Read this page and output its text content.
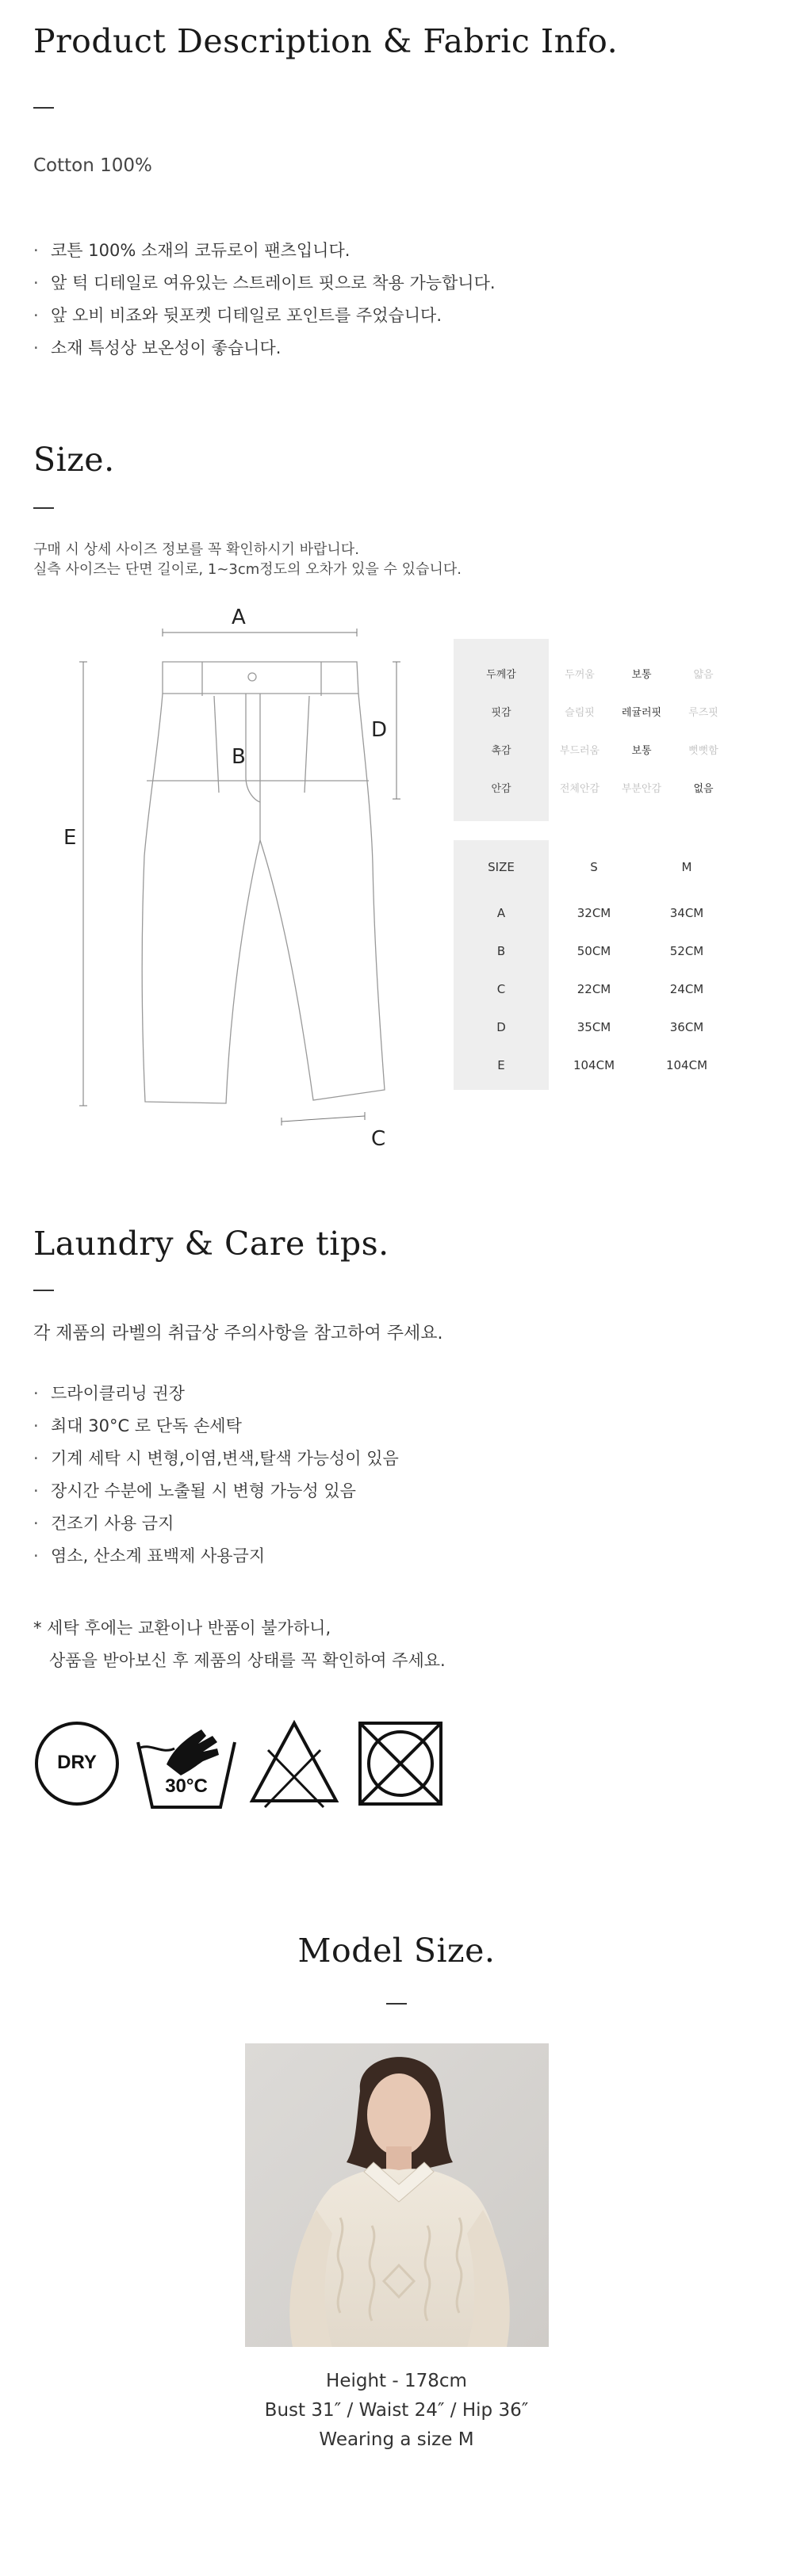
Product Description & Fabric Info.
Cotton 100%
· 코튼 100% 소재의 코듀로이 팬츠입니다.
· 앞 턱 디테일로 여유있는 스트레이트 핏으로 착용 가능합니다.
· 앞 오비 비죠와 뒷포켓 디테일로 포인트를 주었습니다.
· 소재 특성상 보온성이 좋습니다.
Size.
구매 시 상세 사이즈 정보를 꼭 확인하시기 바랍니다.
실측 사이즈는 단면 길이로, 1~3cm정도의 오차가 있을 수 있습니다.
A
B
C
D
E
두께감	두꺼움	보통	얇음
핏감	슬림핏	레귤러핏	루즈핏
촉감	부드러움	보통	뻣뻣함
안감	전체안감	부분안감	없음
SIZE	S	M
A	32CM	34CM
B	50CM	52CM
C	22CM	24CM
D	35CM	36CM
E	104CM	104CM
Laundry & Care tips.
각 제품의 라벨의 취급상 주의사항을 참고하여 주세요.
· 드라이클리닝 권장
· 최대 30°C 로 단독 손세탁
· 기계 세탁 시 변형,이염,변색,탈색 가능성이 있음
· 장시간 수분에 노출될 시 변형 가능성 있음
· 건조기 사용 금지
· 염소, 산소계 표백제 사용금지
* 세탁 후에는 교환이나 반품이 불가하니,
상품을 받아보신 후 제품의 상태를 꼭 확인하여 주세요.
DRY
30°C
Model Size.
Height - 178cm
Bust 31″ / Waist 24″ / Hip 36″
Wearing a size M
